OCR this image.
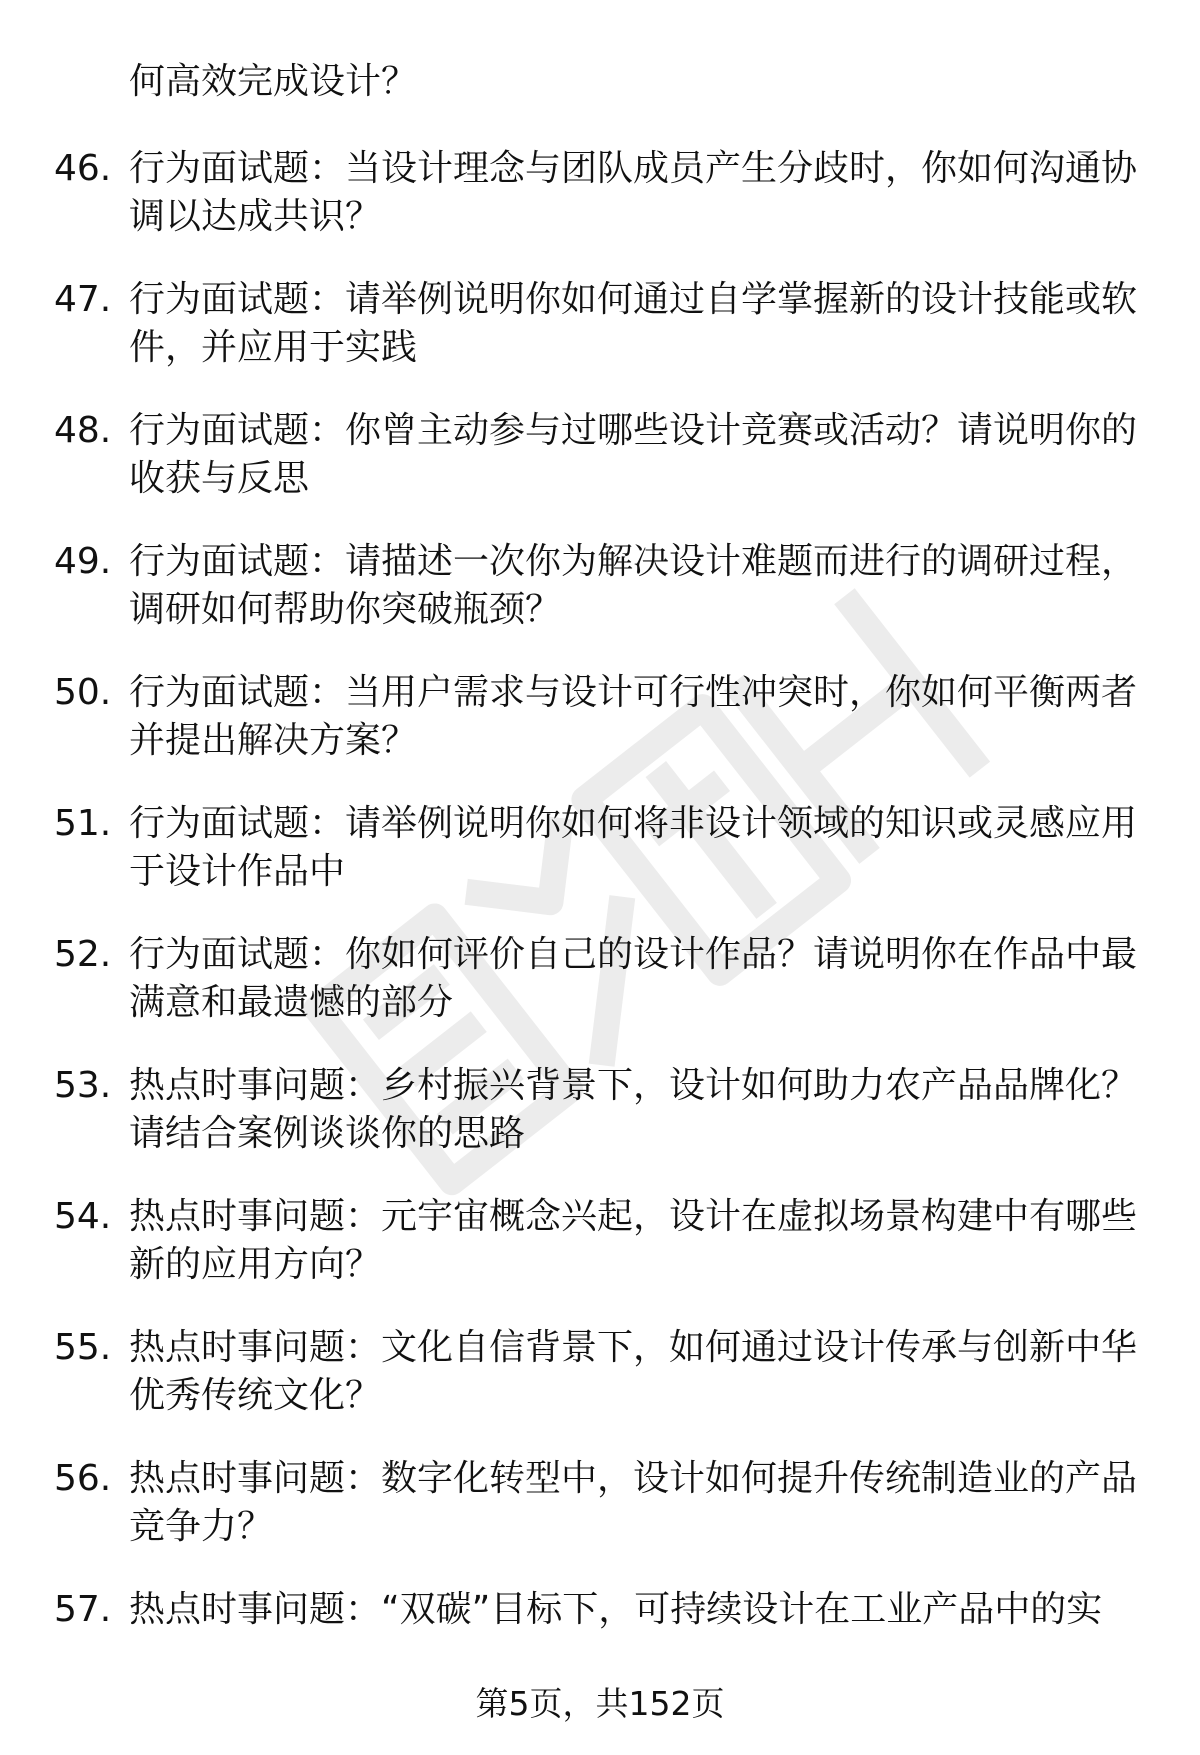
何高效完成设计？
46. 行为面试题：当设计理念与团队成员产生分歧时，你如何沟通协
调以达成共识？
47. 行为面试题：请举例说明你如何通过自学掌握新的设计技能或软
件，并应用于实践
48. 行为面试题：你曾主动参与过哪些设计竞赛或活动？请说明你的
收获与反思
49. 行为面试题：请描述一次你为解决设计难题而进行的调研过程，
调研如何帮助你突破瓶颈？
50. 行为面试题：当用户需求与设计可行性冲突时，你如何平衡两者
并提出解决方案？
51. 行为面试题：请举例说明你如何将非设计领域的知识或灵感应用
于设计作品中
52. 行为面试题：你如何评价自己的设计作品？请说明你在作品中最
满意和最遗憾的部分
53. 热点时事问题：乡村振兴背景下，设计如何助力农产品品牌化？
请结合案例谈谈你的思路
54. 热点时事问题：元宇宙概念兴起，设计在虚拟场景构建中有哪些
新的应用方向？
55. 热点时事问题：文化自信背景下，如何通过设计传承与创新中华
优秀传统文化？
56. 热点时事问题：数字化转型中，设计如何提升传统制造业的产品
竞争力？
57. 热点时事问题：“双碳”目标下，可持续设计在工业产品中的实
第5页，共152页
